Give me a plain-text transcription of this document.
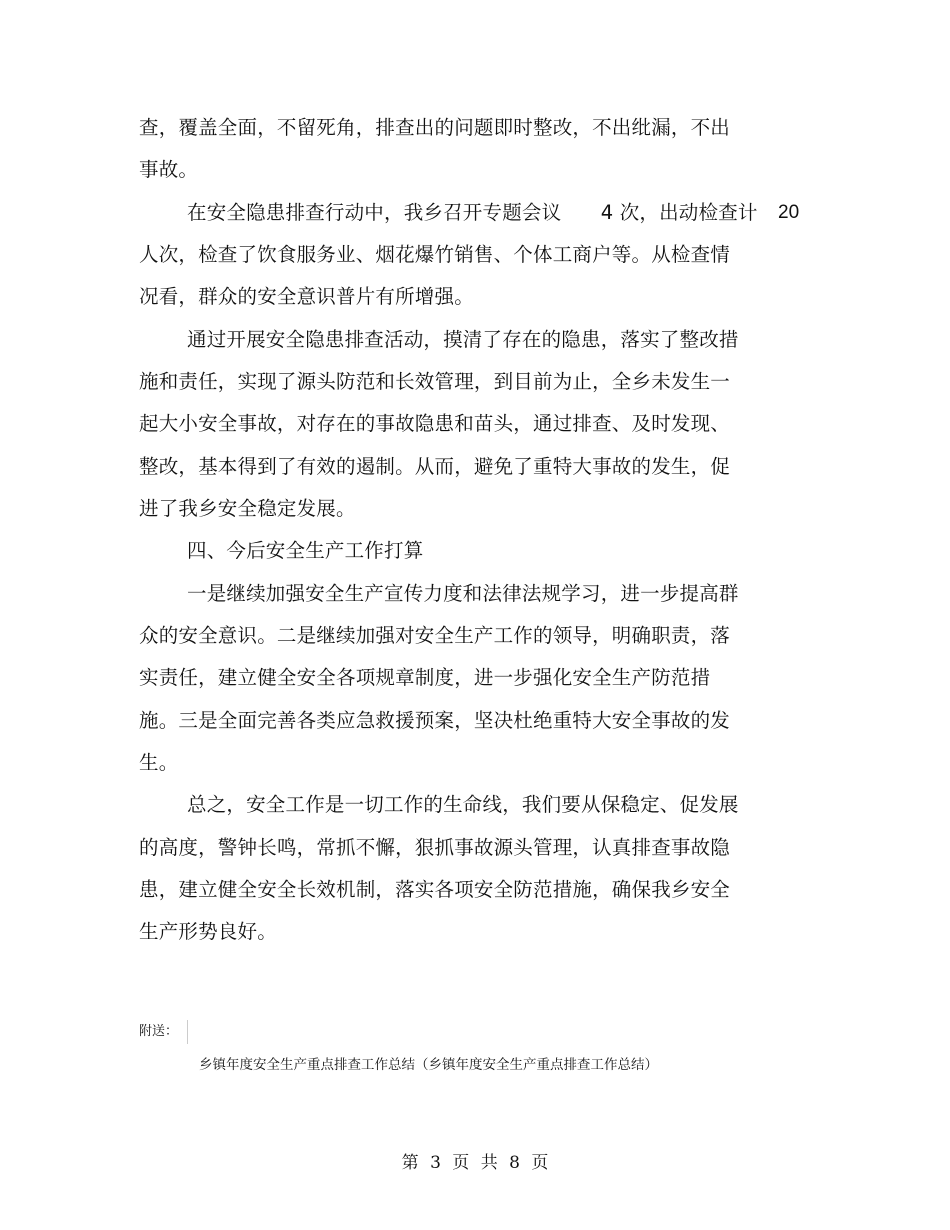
查，覆盖全面，不留死角，排查出的问题即时整改，不出纰漏，不出
事故。
在安全隐患排查行动中，我乡召开专题会议　　4 次，出动检查计 20
人次，检查了饮食服务业、烟花爆竹销售、个体工商户等。从检查情
况看，群众的安全意识普片有所增强。
通过开展安全隐患排查活动，摸清了存在的隐患，落实了整改措
施和责任，实现了源头防范和长效管理，到目前为止，全乡未发生一
起大小安全事故，对存在的事故隐患和苗头，通过排查、及时发现、
整改，基本得到了有效的遏制。从而，避免了重特大事故的发生，促
进了我乡安全稳定发展。
四、今后安全生产工作打算
一是继续加强安全生产宣传力度和法律法规学习，进一步提高群
众的安全意识。二是继续加强对安全生产工作的领导，明确职责，落
实责任，建立健全安全各项规章制度，进一步强化安全生产防范措
施。三是全面完善各类应急救援预案，坚决杜绝重特大安全事故的发
生。
总之，安全工作是一切工作的生命线，我们要从保稳定、促发展
的高度，警钟长鸣，常抓不懈，狠抓事故源头管理，认真排查事故隐
患，建立健全安全长效机制，落实各项安全防范措施，确保我乡安全
生产形势良好。
附送：
乡镇年度安全生产重点排查工作总结（乡镇年度安全生产重点排查工作总结）
第 3 页 共 8 页
